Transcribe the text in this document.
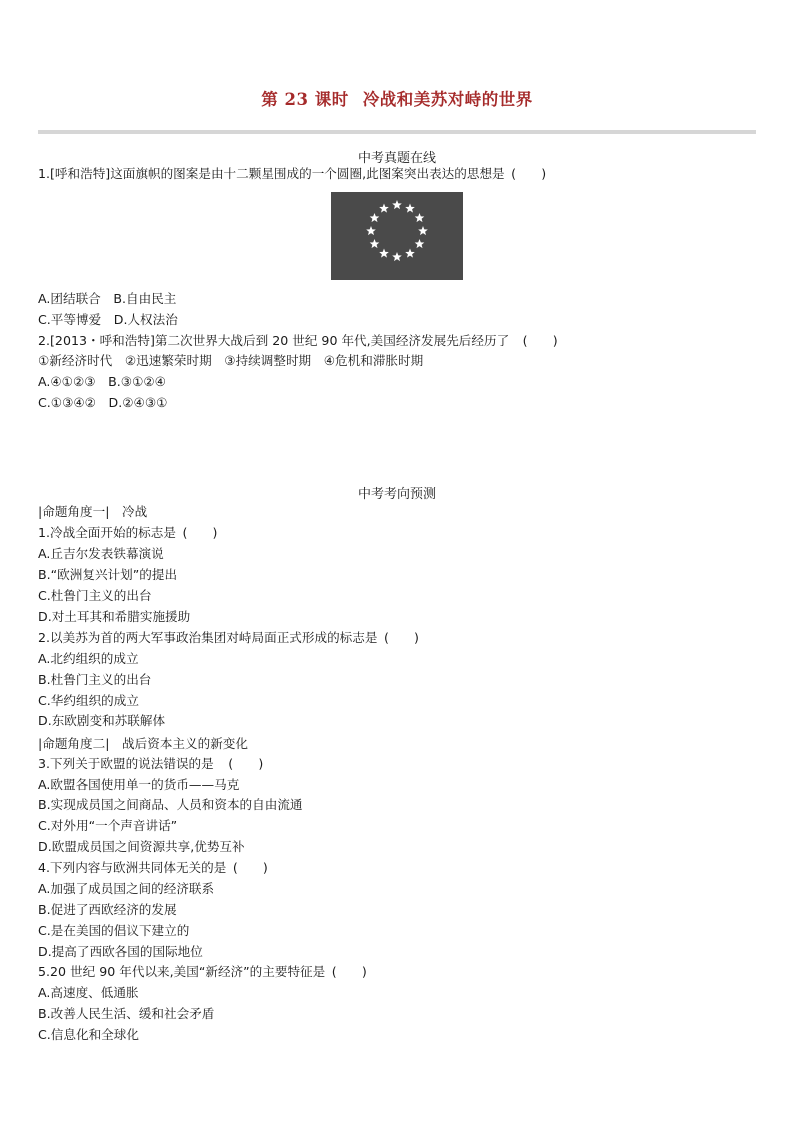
第 23 课时 冷战和美苏对峙的世界
中考真题在线
1.[呼和浩特]这面旗帜的图案是由十二颗星围成的一个圆圈,此图案突出表达的思想是 (　　)
A.团结联合　B.自由民主
C.平等博爱　D.人权法治
2.[2013・呼和浩特]第二次世界大战后到 20 世纪 90 年代,美国经济发展先后经历了 (　　)
①新经济时代　②迅速繁荣时期　③持续调整时期　④危机和滞胀时期
A.④①②③　B.③①②④
C.①③④②　D.②④③①
中考考向预测
|命题角度一|　冷战
1.冷战全面开始的标志是 (　　)
A.丘吉尔发表铁幕演说
B.“欧洲复兴计划”的提出
C.杜鲁门主义的出台
D.对土耳其和希腊实施援助
2.以美苏为首的两大军事政治集团对峙局面正式形成的标志是 (　　)
A.北约组织的成立
B.杜鲁门主义的出台
C.华约组织的成立
D.东欧剧变和苏联解体
|命题角度二|　战后资本主义的新变化
3.下列关于欧盟的说法错误的是 (　　)
A.欧盟各国使用单一的货币——马克
B.实现成员国之间商品、人员和资本的自由流通
C.对外用“一个声音讲话”
D.欧盟成员国之间资源共享,优势互补
4.下列内容与欧洲共同体无关的是 (　　)
A.加强了成员国之间的经济联系
B.促进了西欧经济的发展
C.是在美国的倡议下建立的
D.提高了西欧各国的国际地位
5.20 世纪 90 年代以来,美国“新经济”的主要特征是 (　　)
A.高速度、低通胀
B.改善人民生活、缓和社会矛盾
C.信息化和全球化
